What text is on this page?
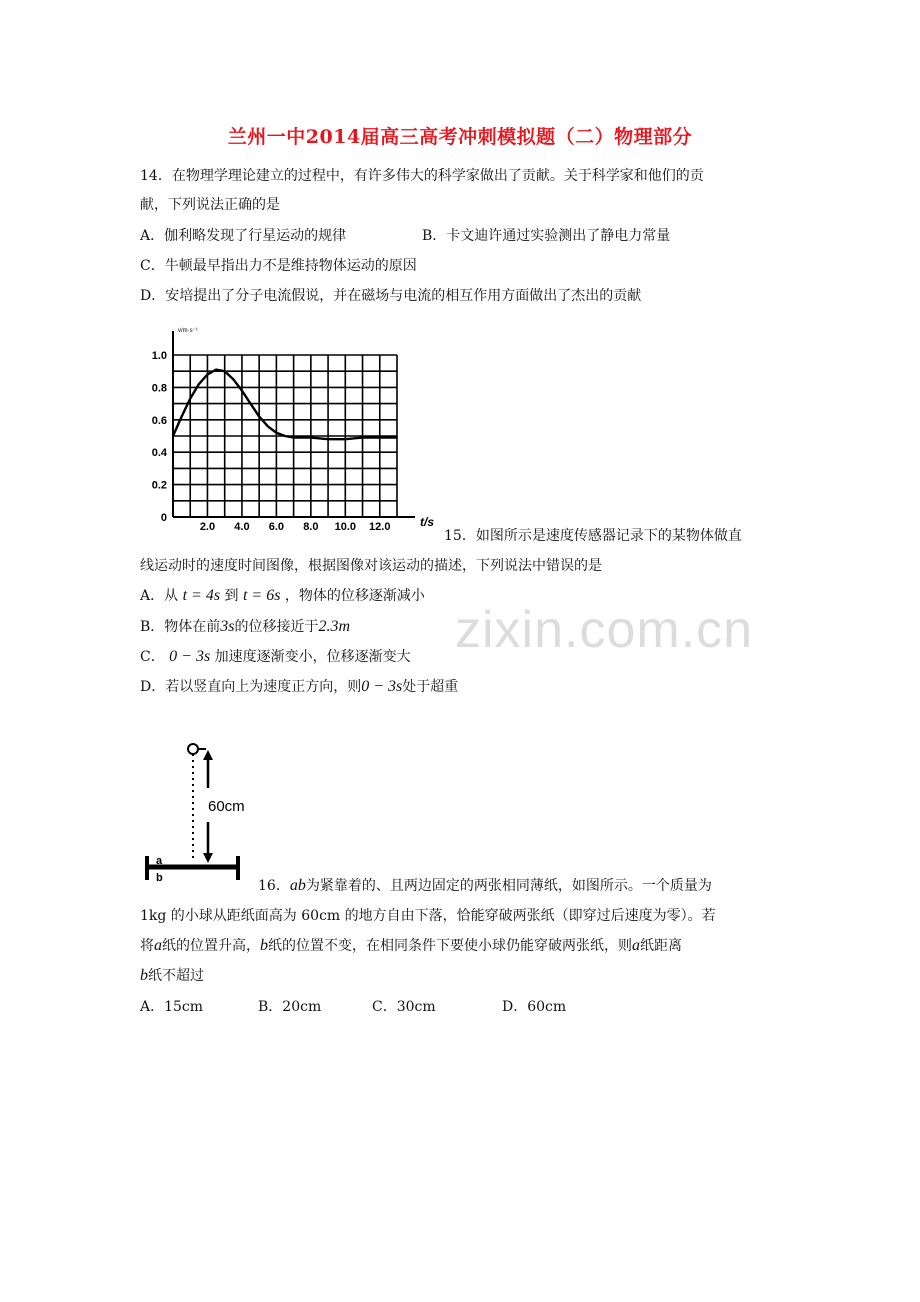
zixin.com.cn
兰州一中2014届高三高考冲刺模拟题（二）物理部分
14．在物理学理论建立的过程中，有许多伟大的科学家做出了贡献。关于科学家和他们的贡
献，下列说法正确的是
A．伽利略发现了行星运动的规律	B．卡文迪许通过实验测出了静电力常量
C．牛顿最早指出力不是维持物体运动的原因
D．安培提出了分子电流假说，并在磁场与电流的相互作用方面做出了杰出的贡献
0
0.2
0.4
0.6
0.8
1.0
2.0 4.0 6.0 8.0 10.0 12.0
v/m·s⁻¹
t/s
15．如图所示是速度传感器记录下的某物体做直
线运动时的速度时间图像，根据图像对该运动的描述，下列说法中错误的是
A．从 t = 4s 到 t = 6s ，物体的位移逐渐减小
B．物体在前3s的位移接近于2.3m
C． 0 − 3s 加速度逐渐变小，位移逐渐变大
D．若以竖直向上为速度正方向，则0 − 3s处于超重
60cm
a
b	16．ab为紧靠着的、且两边固定的两张相同薄纸，如图所示。一个质量为
1kg 的小球从距纸面高为 60cm 的地方自由下落，恰能穿破两张纸（即穿过后速度为零）。若
将a纸的位置升高，b纸的位置不变，在相同条件下要使小球仍能穿破两张纸，则a纸距离
b纸不超过
A．15cm	B．20cm	C．30cm	D．60cm
